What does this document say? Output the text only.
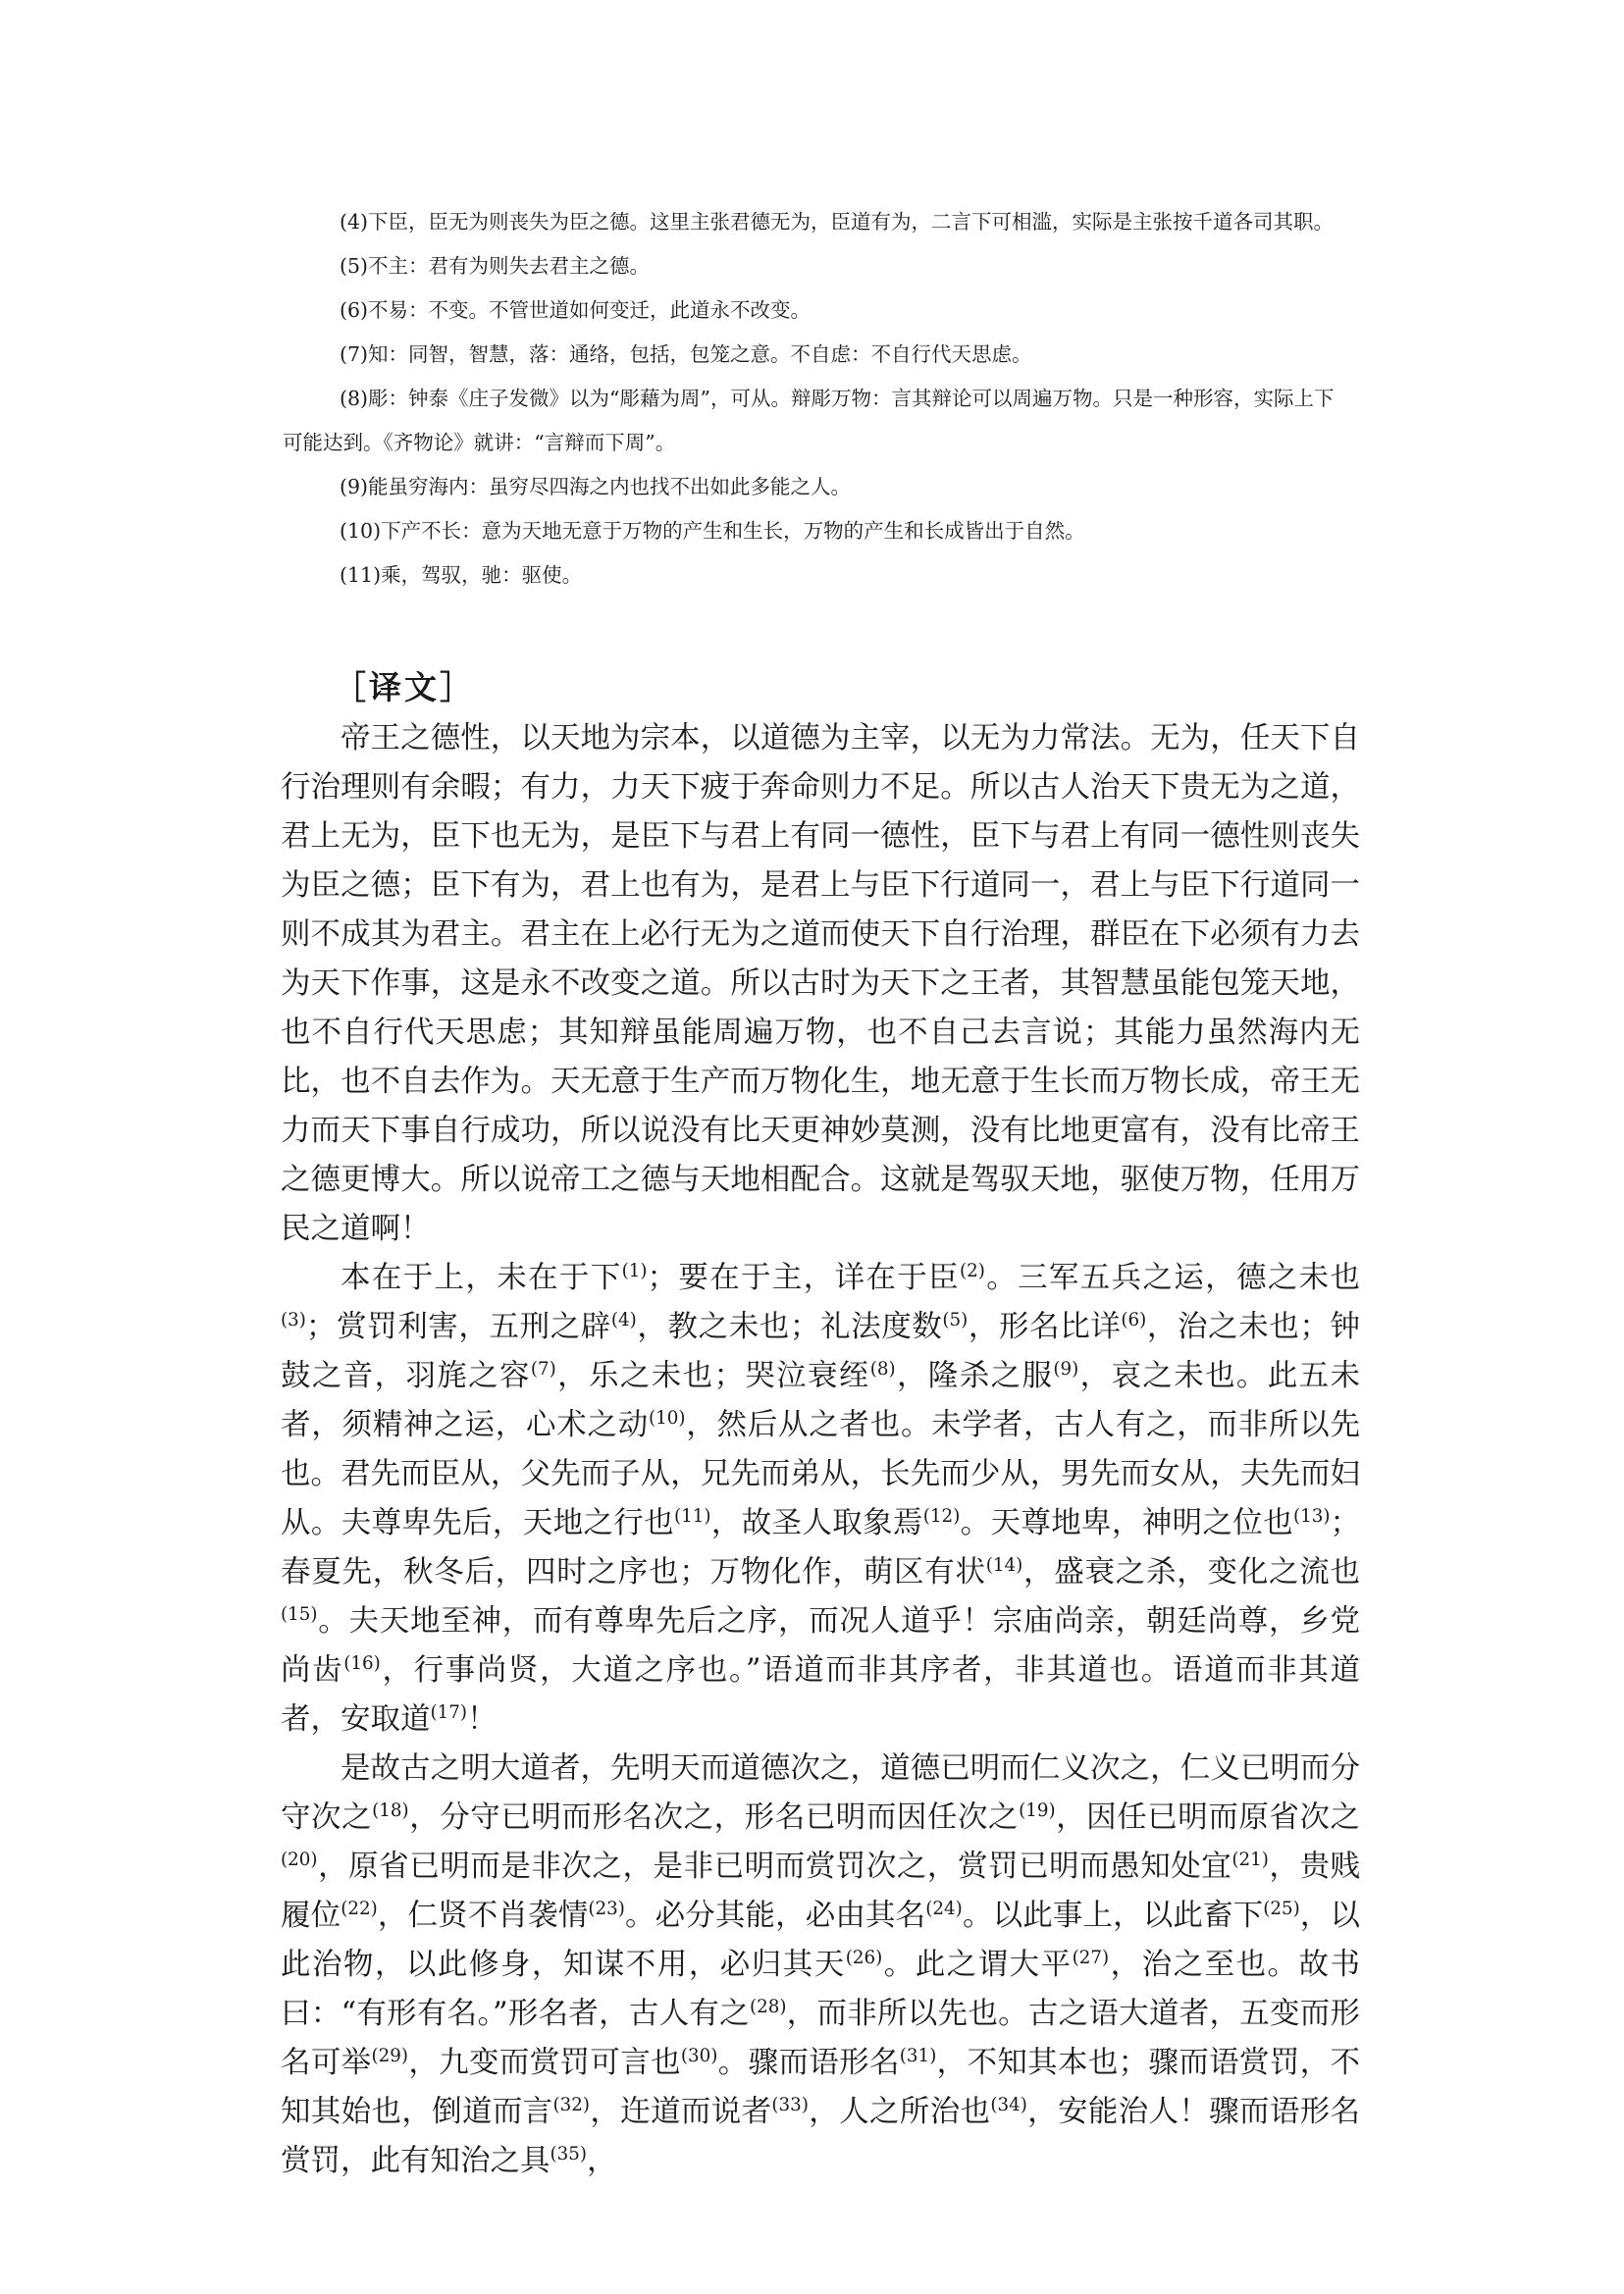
(4)下臣，臣无为则丧失为臣之德。这里主张君德无为，臣道有为，二言下可相滥，实际是主张按千道各司其职。

(5)不主：君有为则失去君主之德。

(6)不易：不变。不管世道如何变迁，此道永不改变。

(7)知：同智，智慧，落：通络，包括，包笼之意。不自虑：不自行代天思虑。

(8)彫：钟泰《庄子发微》以为“彫藉为周”，可从。辩彫万物：言其辩论可以周遍万物。只是一种形容，实际上下可能达到。《齐物论》就讲：“言辩而下周”。

(9)能虽穷海内：虽穷尽四海之内也找不出如此多能之人。

(10)下产不长：意为天地无意于万物的产生和生长，万物的产生和长成皆出于自然。

(11)乘，驾驭，驰：驱使。

［译文］

帝王之德性，以天地为宗本，以道德为主宰，以无为力常法。无为，任天下自行治理则有余暇；有力，力天下疲于奔命则力不足。所以古人治天下贵无为之道，君上无为，臣下也无为，是臣下与君上有同一德性，臣下与君上有同一德性则丧失为臣之德；臣下有为，君上也有为，是君上与臣下行道同一，君上与臣下行道同一则不成其为君主。君主在上必行无为之道而使天下自行治理，群臣在下必须有力去为天下作事，这是永不改变之道。所以古时为天下之王者，其智慧虽能包笼天地，也不自行代天思虑；其知辩虽能周遍万物，也不自己去言说；其能力虽然海内无比，也不自去作为。天无意于生产而万物化生，地无意于生长而万物长成，帝王无力而天下事自行成功，所以说没有比天更神妙莫测，没有比地更富有，没有比帝王之德更博大。所以说帝工之德与天地相配合。这就是驾驭天地，驱使万物，任用万民之道啊！

本在于上，未在于下$^{(1)}$；要在于主，详在于臣$^{(2)}$。三军五兵之运，德之未也$^{(3)}$；赏罚利害，五刑之辟$^{(4)}$，教之未也；礼法度数$^{(5)}$，形名比详$^{(6)}$，治之未也；钟鼓之音，羽旄之容$^{(7)}$，乐之未也；哭泣衰绖$^{(8)}$，隆杀之服$^{(9)}$，哀之未也。此五未者，须精神之运，心术之动$^{(10)}$，然后从之者也。未学者，古人有之，而非所以先也。君先而臣从，父先而子从，兄先而弟从，长先而少从，男先而女从，夫先而妇从。夫尊卑先后，天地之行也$^{(11)}$，故圣人取象焉$^{(12)}$。天尊地卑，神明之位也$^{(13)}$；春夏先，秋冬后，四时之序也；万物化作，萌区有状$^{(14)}$，盛衰之杀，变化之流也$^{(15)}$。夫天地至神，而有尊卑先后之序，而况人道乎！宗庙尚亲，朝廷尚尊，乡党尚齿$^{(16)}$，行事尚贤，大道之序也。”语道而非其序者，非其道也。语道而非其道者，安取道$^{(17)}$！

是故古之明大道者，先明天而道德次之，道德已明而仁义次之，仁义已明而分守次之$^{(18)}$，分守已明而形名次之，形名已明而因任次之$^{(19)}$，因任已明而原省次之$^{(20)}$，原省已明而是非次之，是非已明而赏罚次之，赏罚已明而愚知处宜$^{(21)}$，贵贱履位$^{(22)}$，仁贤不肖袭情$^{(23)}$。必分其能，必由其名$^{(24)}$。以此事上，以此畜下$^{(25)}$，以此治物，以此修身，知谋不用，必归其天$^{(26)}$。此之谓大平$^{(27)}$，治之至也。故书曰：“有形有名。”形名者，古人有之$^{(28)}$，而非所以先也。古之语大道者，五变而形名可举$^{(29)}$，九变而赏罚可言也$^{(30)}$。骤而语形名$^{(31)}$，不知其本也；骤而语赏罚，不知其始也，倒道而言$^{(32)}$，迕道而说者$^{(33)}$，人之所治也$^{(34)}$，安能治人！骤而语形名赏罚，此有知治之具$^{(35)}$，
